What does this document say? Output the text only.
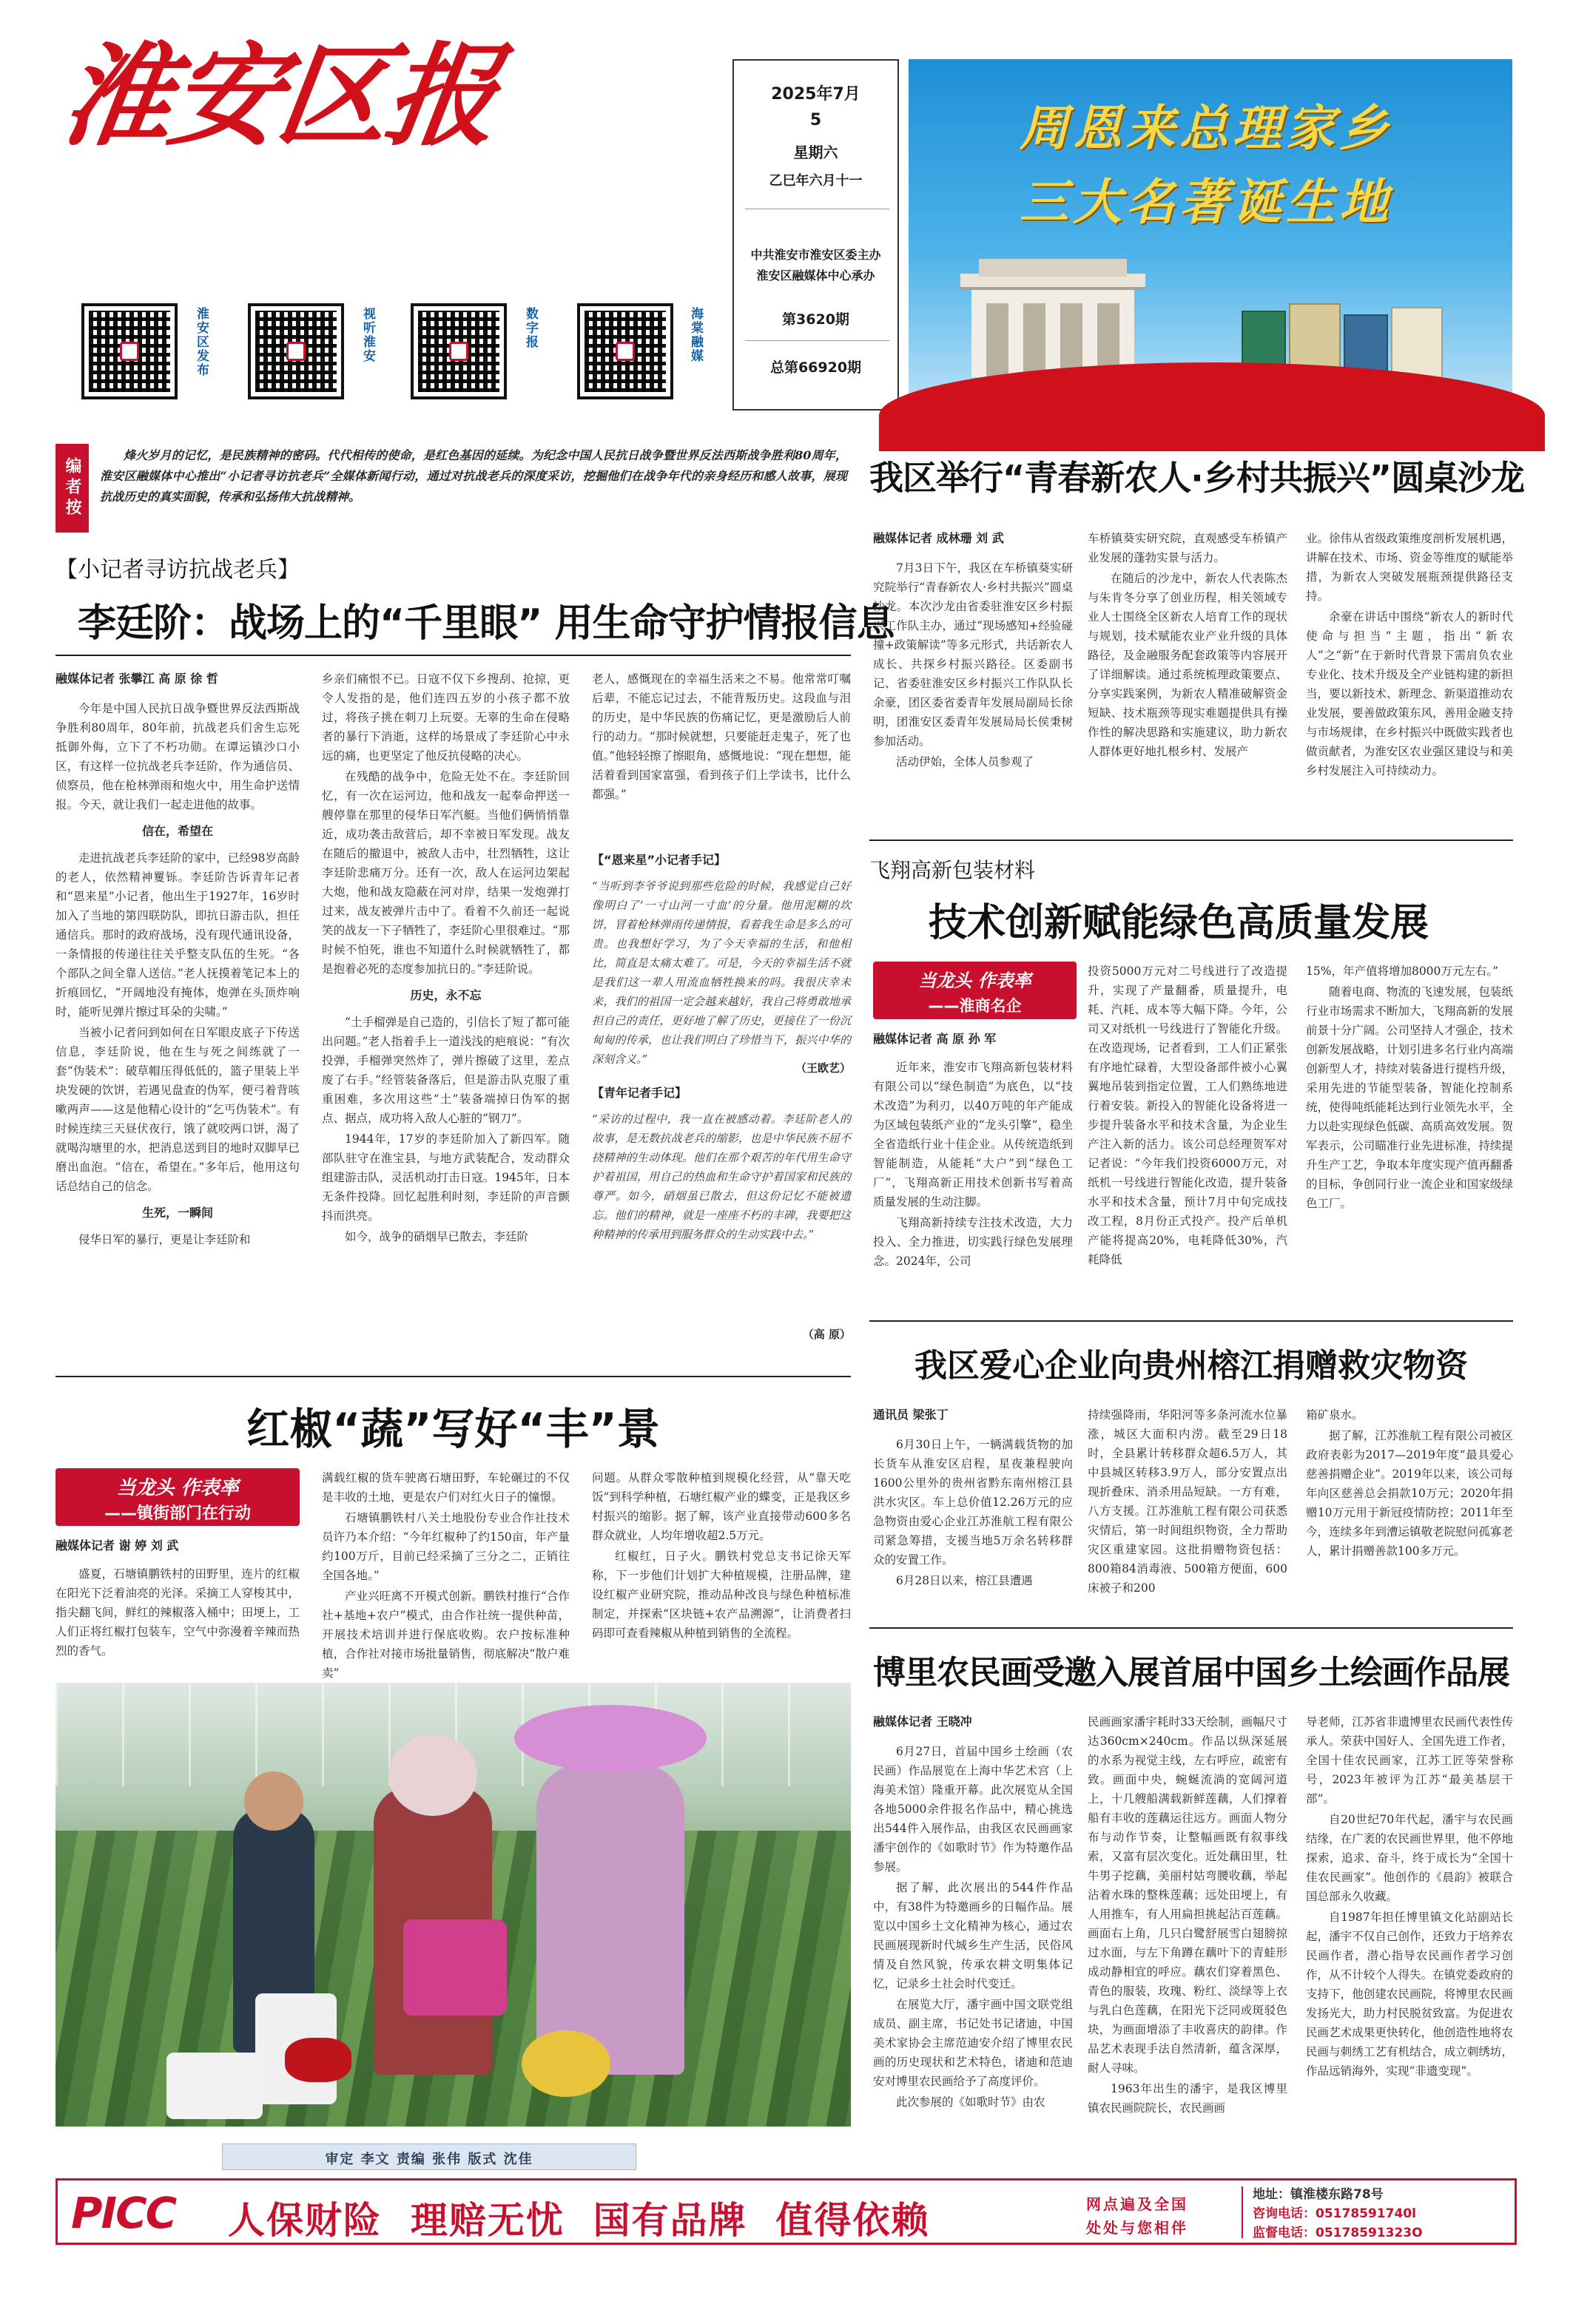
淮安区报
淮安区发布	视听淮安	数字报	海棠融媒
2025年7月
5
星期六
乙巳年六月十一
中共淮安市淮安区委主办
淮安区融媒体中心承办
第3620期
总第66920期
周恩来总理家乡
三大名著诞生地
编者按
烽火岁月的记忆，是民族精神的密码。代代相传的使命，是红色基因的延续。为纪念中国人民抗日战争暨世界反法西斯战争胜利80周年，淮安区融媒体中心推出“小记者寻访抗老兵”全媒体新闻行动，通过对抗战老兵的深度采访，挖掘他们在战争年代的亲身经历和感人故事，展现抗战历史的真实面貌，传承和弘扬伟大抗战精神。
【小记者寻访抗战老兵】
李廷阶：战场上的“千里眼” 用生命守护情报信息
融媒体记者 张攀江 高 原 徐 哲

今年是中国人民抗日战争暨世界反法西斯战争胜利80周年，80年前，抗战老兵们舍生忘死抵御外侮，立下了不朽功勋。在谭运镇沙口小区，有这样一位抗战老兵李廷阶，作为通信员、侦察员，他在枪林弹雨和炮火中，用生命护送情报。今天，就让我们一起走进他的故事。

信在，希望在

走进抗战老兵李廷阶的家中，已经98岁高龄的老人，依然精神矍铄。李廷阶告诉青年记者和“恩来星”小记者，他出生于1927年，16岁时加入了当地的第四联防队，即抗日游击队，担任通信兵。那时的政府战场，没有现代通讯设备，一条情报的传递往往关乎整支队伍的生死。“各个部队之间全靠人送信。”老人抚摸着笔记本上的折痕回忆，“开阔地没有掩体，炮弹在头顶炸响时，能听见弹片擦过耳朵的尖啸。”

当被小记者问到如何在日军眼皮底子下传送信息，李廷阶说，他在生与死之间练就了一套“伪装术”：破草帽压得低低的，篮子里装上半块发硬的饮饼，若遇见盘查的伪军，便弓着背咳嗽两声——这是他精心设计的“乞丐伪装术”。有时候连续三天昼伏夜行，饿了就咬两口饼，渴了就喝沟塘里的水，把消息送到目的地时双脚早已磨出血泡。“信在，希望在。”多年后，他用这句话总结自己的信念。

生死，一瞬间

侵华日军的暴行，更是让李廷阶和

乡亲们痛恨不已。日寇不仅下乡搜刮、抢掠，更令人发指的是，他们连四五岁的小孩子都不放过，将孩子挑在刺刀上玩耍。无辜的生命在侵略者的暴行下消逝，这样的场景成了李廷阶心中永远的痛，也更坚定了他反抗侵略的决心。

在残酷的战争中，危险无处不在。李廷阶回忆，有一次在运河边，他和战友一起奉命押送一艘停靠在那里的侵华日军汽艇。当他们俩悄悄靠近，成功袭击敌营后，却不幸被日军发现。战友在随后的撤退中，被敌人击中，壮烈牺牲，这让李廷阶悲痛万分。还有一次，敌人在运河边架起大炮，他和战友隐蔽在河对岸，结果一发炮弹打过来，战友被弹片击中了。看着不久前还一起说笑的战友一下子牺牲了，李廷阶心里很难过。“那时候不怕死，谁也不知道什么时候就牺牲了，都是抱着必死的态度参加抗日的。”李廷阶说。

历史，永不忘

“土手榴弹是自己造的，引信长了短了都可能出问题。”老人指着手上一道浅浅的疤痕说：“有次投弹，手榴弹突然炸了，弹片擦破了这里，差点废了右手。”经管装备落后，但是游击队克服了重重困难，多次用这些“土”装备端掉日伪军的据点、据点，成功将入敌人心脏的“钢刀”。

1944年，17岁的李廷阶加入了新四军。随部队驻守在淮宝县，与地方武装配合，发动群众组建游击队，灵活机动打击日寇。1945年，日本无条件投降。回忆起胜利时刻，李廷阶的声音颤抖而洪亮。

如今，战争的硝烟早已散去，李廷阶

老人，感慨现在的幸福生活来之不易。他常常叮嘱后辈，不能忘记过去，不能背叛历史。这段血与泪的历史，是中华民族的伤痛记忆，更是激励后人前行的动力。“那时候就想，只要能赶走鬼子，死了也值。”他轻轻擦了擦眼角，感慨地说：“现在想想，能活着看到国家富强，看到孩子们上学读书，比什么都强。”

【“恩来星”小记者手记】
“当听到李爷爷说到那些危险的时候，我感觉自己好像明白了‘一寸山河一寸血’的分量。他用泥糊的坎饼，冒着枪林弹雨传递情报，看着我生命是多么的可贵。也我想好学习，为了今天幸福的生活，和他相比，简直是太痛太难了。可是，今天的幸福生活不就是我们这一辈人用流血牺牲换来的吗。我很庆幸未来，我们的祖国一定会越来越好，我自己将勇敢地承担自己的责任，更好地了解了历史，更接住了一份沉甸甸的传承，也让我们明白了珍惜当下，振兴中华的深刻含义。”
（王欧艺）
【青年记者手记】
“采访的过程中，我一直在被感动着。李廷阶老人的故事，是无数抗战老兵的缩影，也是中华民族不屈不挠精神的生动体现。他们在那个艰苦的年代用生命守护着祖国，用自己的热血和生命守护着国家和民族的尊严。如今，硝烟虽已散去，但这份记忆不能被遗忘。他们的精神，就是一座座不朽的丰碑，我要把这种精神的传承用到服务群众的生动实践中去。”
（高 原）
红椒“蔬”写好“丰”景
当龙头 作表率
——镇街部门在行动
融媒体记者 谢 婷 刘 武

盛夏，石塘镇鹏铁村的田野里，连片的红椒在阳光下泛着油亮的光泽。采摘工人穿梭其中，指尖翻飞间，鲜红的辣椒落入桶中；田埂上，工人们正将红椒打包装车，空气中弥漫着辛辣而热烈的香气。

满载红椒的货车驶离石塘田野，车轮碾过的不仅是丰收的土地，更是农户们对红火日子的憧憬。

石塘镇鹏铁村八关土地股份专业合作社技术员许乃本介绍：“今年红椒种了约150亩，年产量约100万斤，目前已经采摘了三分之二，正销往全国各地。”

产业兴旺离不开模式创新。鹏铁村推行“合作社+基地+农户”模式，由合作社统一提供种苗，开展技术培训并进行保底收购。农户按标准种植，合作社对接市场批量销售，彻底解决“散户难卖”

问题。从群众零散种植到规模化经营，从“靠天吃饭”到科学种植，石塘红椒产业的蝶变，正是我区乡村振兴的缩影。据了解，该产业直接带动600多名群众就业，人均年增收超2.5万元。

红椒红，日子火。鹏铁村党总支书记徐天军称，下一步他们计划扩大种植规模，注册品牌，建设红椒产业研究院，推动品种改良与绿色种植标准制定，并探索“区块链+农产品溯源”，让消费者扫码即可查看辣椒从种植到销售的全流程。

我区举行“青春新农人·乡村共振兴”圆桌沙龙
融媒体记者 成林珊 刘 武

7月3日下午，我区在车桥镇葵实研究院举行“青春新农人·乡村共振兴”圆桌沙龙。本次沙龙由省委驻淮安区乡村振兴工作队主办，通过“现场感知+经验碰撞+政策解读”等多元形式，共话新农人成长、共探乡村振兴路径。区委副书记、省委驻淮安区乡村振兴工作队队长余豪，团区委省委青年发展局副局长徐明，团淮安区委青年发展局局长侯秉树参加活动。

活动伊始，全体人员参观了

车桥镇葵实研究院，直观感受车桥镇产业发展的蓬勃实景与活力。

在随后的沙龙中，新农人代表陈杰与朱肯冬分享了创业历程，相关领域专业人士围绕全区新农人培育工作的现状与规划，技术赋能农业产业升级的具体路径，及金融服务配套政策等内容展开了详细解读。通过系统梳理政策要点、分享实践案例，为新农人精准破解资金短缺、技术瓶颈等现实难题提供具有操作性的解决思路和实施建议，助力新农人群体更好地扎根乡村、发展产

业。徐伟从省级政策维度剖析发展机遇，讲解在技术、市场、资金等维度的赋能举措，为新农人突破发展瓶颈提供路径支持。

余豪在讲话中围绕“新农人的新时代使命与担当”主题，指出“新农人”之“新”在于新时代背景下需肩负农业专业化、技术升级及全产业链构建的新担当，要以新技术、新理念、新渠道推动农业发展，要善做政策东风，善用金融支持与市场规律，在乡村振兴中既做实践者也做贡献者，为淮安区农业强区建设与和美乡村发展注入可持续动力。

飞翔高新包装材料
技术创新赋能绿色高质量发展
当龙头 作表率
——淮商名企
融媒体记者 高 原 孙 军

近年来，淮安市飞翔高新包装材料有限公司以“绿色制造”为底色，以“技术改造”为利刃，以40万吨的年产能成为区域包装纸产业的“龙头引擎”，稳坐全省造纸行业十佳企业。从传统造纸到智能制造，从能耗“大户”到“绿色工厂”，飞翔高新正用技术创新书写着高质量发展的生动注脚。

飞翔高新持续专注技术改造，大力投入、全力推进，切实践行绿色发展理念。2024年，公司

投资5000万元对二号线进行了改造提升，实现了产量翻番，质量提升，电耗、汽耗、成本等大幅下降。今年，公司又对纸机一号线进行了智能化升级。在改造现场，记者看到，工人们正紧张有序地忙碌着，大型设备部件被小心翼翼地吊装到指定位置，工人们熟练地进行着安装。新投入的智能化设备将进一步提升装备水平和技术含量，为企业生产注入新的活力。该公司总经理贺军对记者说：“今年我们投资6000万元，对纸机一号线进行智能化改造，提升装备水平和技术含量，预计7月中旬完成技改工程，8月份正式投产。投产后单机产能将提高20%，电耗降低30%，汽耗降低

15%，年产值将增加8000万元左右。”

随着电商、物流的飞速发展，包装纸行业市场需求不断加大，飞翔高新的发展前景十分广阔。公司坚持人才强企，技术创新发展战略，计划引进多名行业内高端创新型人才，持续对装备进行提档升级，采用先进的节能型装备，智能化控制系统，使得吨纸能耗达到行业领先水平，全力以赴实现绿色低碳、高质高效发展。贺军表示，公司瞄准行业先进标准，持续提升生产工艺，争取本年度实现产值再翻番的目标，争创同行业一流企业和国家级绿色工厂。

我区爱心企业向贵州榕江捐赠救灾物资
通讯员 梁张丁

6月30日上午，一辆满载货物的加长货车从淮安区启程，星夜兼程驶向1600公里外的贵州省黔东南州榕江县洪水灾区。车上总价值12.26万元的应急物资由爱心企业江苏淮航工程有限公司紧急筹措，支援当地5万余名转移群众的安置工作。

6月28日以来，榕江县遭遇

持续强降雨，华阳河等多条河流水位暴涨，城区大面积内涝。截至29日18时，全县累计转移群众超6.5万人，其中县城区转移3.9万人，部分安置点出现折叠床、消杀用品短缺。一方有难，八方支援。江苏淮航工程有限公司获悉灾情后，第一时间组织物资，全力帮助灾区重建家园。这批捐赠物资包括：800箱84消毒液、500箱方便面，600床被子和200

箱矿泉水。

据了解，江苏淮航工程有限公司被区政府表彰为2017—2019年度“最具爱心慈善捐赠企业”。2019年以来，该公司每年向区慈善总会捐款10万元；2020年捐赠10万元用于新冠疫情防控；2011年至今，连续多年到漕运镇敬老院慰问孤寡老人，累计捐赠善款100多万元。

博里农民画受邀入展首届中国乡土绘画作品展
融媒体记者 王晓冲

6月27日，首届中国乡土绘画（农民画）作品展览在上海中华艺术宫（上海美术馆）隆重开幕。此次展览从全国各地5000余件报名作品中，精心挑选出544件入展作品，由我区农民画画家潘宇创作的《如歌时节》作为特邀作品参展。

据了解，此次展出的544件作品中，有38件为特邀画乡的日幅作品。展览以中国乡土文化精神为核心，通过农民画展现新时代城乡生产生活，民俗风情及自然风貌，传承农耕文明集体记忆，记录乡土社会时代变迁。

在展览大厅，潘宇画中国文联党组成员、副主席，书记处书记诸迪，中国美术家协会主席范迪安介绍了博里农民画的历史现状和艺术特色，诸迪和范迪安对博里农民画给予了高度评价。

此次参展的《如歌时节》由农

民画画家潘宇耗时33天绘制，画幅尺寸达360cm×240cm。作品以纵深延展的水系为视觉主线，左右呼应，疏密有致。画面中央，蜿蜒流淌的宽阔河道上，十几艘船满载新鲜莲藕，人们撑着船有丰收的莲藕运往远方。画面人物分布与动作节奏，让整幅画既有叙事线索，又富有层次变化。近处藕田里，牡牛男子挖藕，美丽村姑弯腰收藕，举起沾着水珠的整株莲藕；远处田埂上，有人用推车，有人用扁担挑起沾百莲藕。画面右上角，几只白鹭舒展雪白翅膀掠过水面，与左下角蹲在藕叶下的青蛙形成动静相宜的呼应。藕农们穿着黑色、青色的服装，玫瑰、粉红、淡绿等上衣与乳白色莲藕，在阳光下泛同或斑驳色块，为画面增添了丰收喜庆的韵律。作品艺术表现手法自然清新，蕴含深厚，耐人寻味。

1963年出生的潘宇，是我区博里镇农民画院院长，农民画画

导老师，江苏省非遗博里农民画代表性传承人。荣获中国好人、全国先进工作者，全国十佳农民画家，江苏工匠等荣誉称号，2023年被评为江苏“最美基层干部”。

自20世纪70年代起，潘宇与农民画结缘，在广袤的农民画世界里，他不停地探索，追求、奋斗，终于成长为“全国十佳农民画家”。他创作的《晨韵》被联合国总部永久收藏。

自1987年担任博里镇文化站副站长起，潘宇不仅自己创作，还致力于培养农民画作者，潜心指导农民画作者学习创作，从不计较个人得失。在镇党委政府的支持下，他创建农民画院，将博里农民画发扬光大，助力村民脱贫致富。为促进农民画艺术成果更快转化，他创造性地将农民画与刺绣工艺有机结合，成立刺绣坊，作品远销海外，实现“非遗变现”。

审定 李文 责编 张伟 版式 沈佳
PICC 人保财险  理赔无忧  国有品牌  值得依赖	网点遍及全国
处处与您相伴
地址：镇淮楼东路78号
咨询电话：05178591740l
监督电话：05178591323O
